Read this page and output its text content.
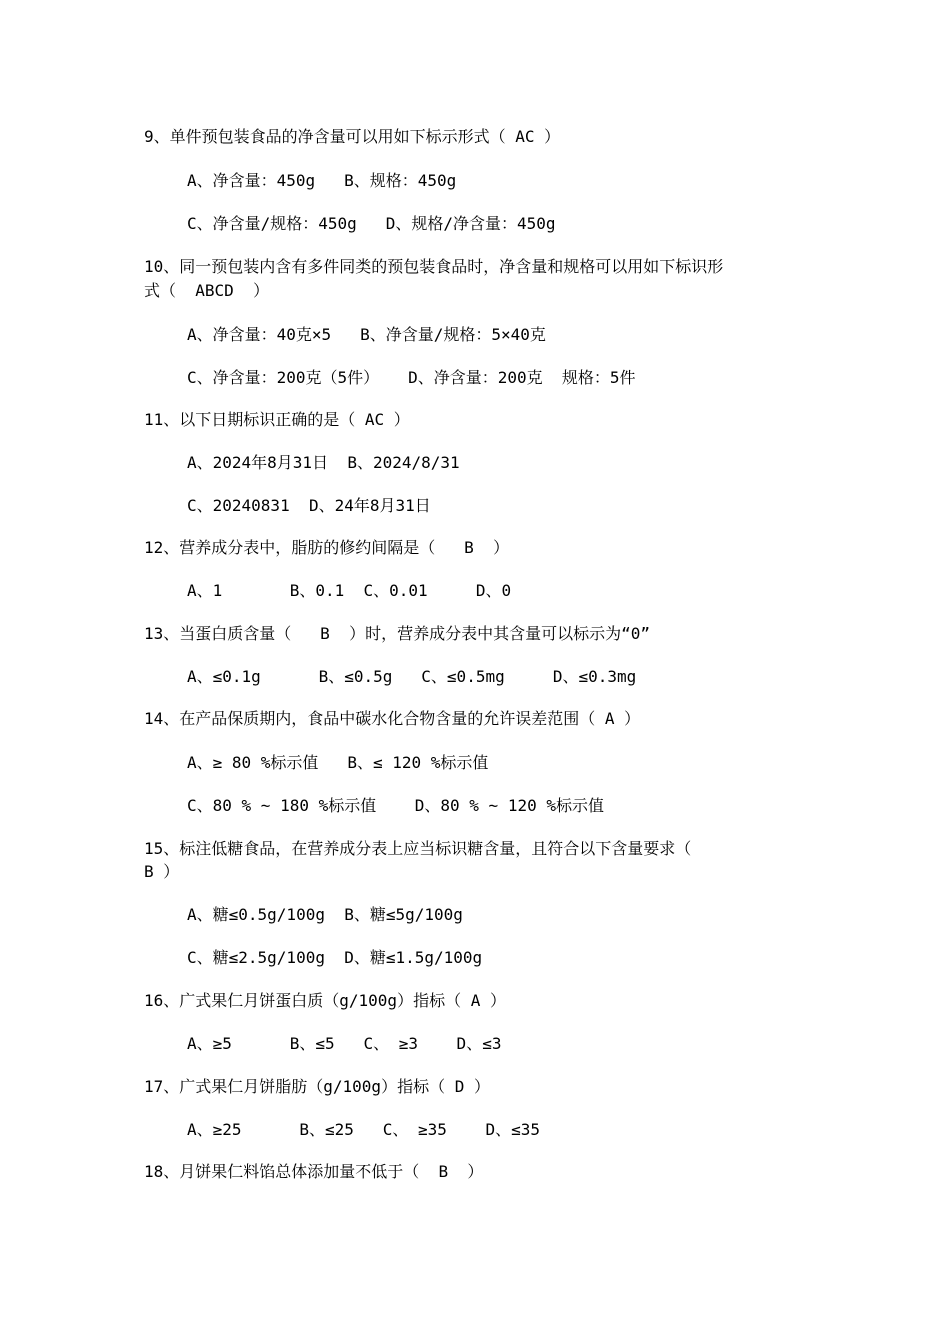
9、单件预包装食品的净含量可以用如下标示形式（ AC ）
A、净含量：450g   B、规格：450g
C、净含量/规格：450g   D、规格/净含量：450g
10、同一预包装内含有多件同类的预包装食品时，净含量和规格可以用如下标识形
式（  ABCD  ）
A、净含量：40克×5   B、净含量/规格：5×40克
C、净含量：200克（5件）   D、净含量：200克  规格：5件
11、以下日期标识正确的是（ AC ）
A、2024年8月31日  B、2024/8/31
C、20240831  D、24年8月31日
12、营养成分表中，脂肪的修约间隔是（   B  ）
A、1       B、0.1  C、0.01     D、0
13、当蛋白质含量（   B  ）时，营养成分表中其含量可以标示为“0”
A、≤0.1g      B、≤0.5g   C、≤0.5mg     D、≤0.3mg
14、在产品保质期内，食品中碳水化合物含量的允许误差范围（ A ）
A、≥ 80 %标示值   B、≤ 120 %标示值
C、80 % ~ 180 %标示值    D、80 % ~ 120 %标示值
15、标注低糖食品，在营养成分表上应当标识糖含量，且符合以下含量要求（
B ）
A、糖≤0.5g/100g  B、糖≤5g/100g
C、糖≤2.5g/100g  D、糖≤1.5g/100g
16、广式果仁月饼蛋白质（g/100g）指标（ A ）
A、≥5      B、≤5   C、 ≥3    D、≤3
17、广式果仁月饼脂肪（g/100g）指标（ D ）
A、≥25      B、≤25   C、 ≥35    D、≤35
18、月饼果仁料馅总体添加量不低于（  B  ）
